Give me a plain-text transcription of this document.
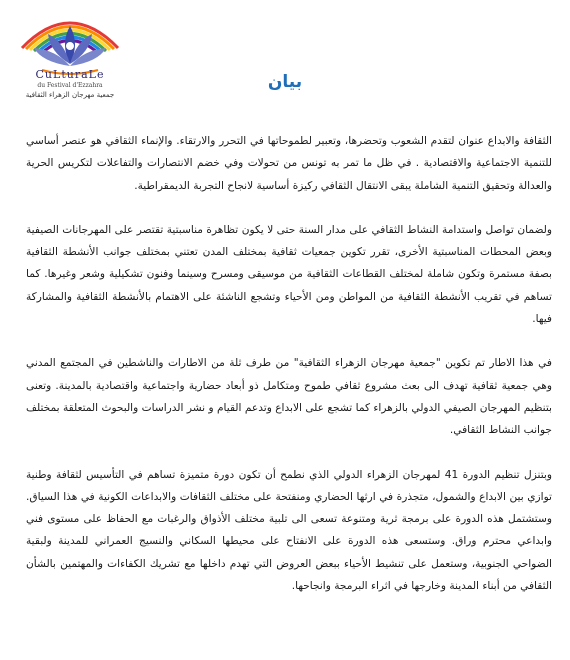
CuLturaLe
du Festival d'Ezzahra
جمعية مهرجان الزهراء الثقافية
بيان

الثقافة والابداع عنوان لتقدم الشعوب وتحضرها، وتعبير لطموحاتها في التحرر والارتقاء. والإنماء الثقافي هو عنصر أساسي للتنمية الاجتماعية والاقتصادية . في ظل ما تمر به تونس من تحولات وفي خضم الانتصارات والتفاعلات لتكريس الحرية والعدالة وتحقيق التنمية الشاملة يبقى الانتقال الثقافي ركيزة أساسية لانجاح التجربة الديمقراطية.

ولضمان تواصل واستدامة النشاط الثقافي على مدار السنة حتى لا يكون تظاهرة مناسبتية تقتصر على المهرجانات الصيفية وبعض المحطات المناسبتية الأخرى، تقرر تكوين جمعيات ثقافية بمختلف المدن تعتني بمختلف جوانب الأنشطة الثقافية بصفة مستمرة وتكون شاملة لمختلف القطاعات الثقافية من موسيقى ومسرح وسينما وفنون تشكيلية وشعر وغيرها. كما تساهم في تقريب الأنشطة الثقافية من المواطن ومن الأحياء وتشجع الناشئة على الاهتمام بالأنشطة الثقافية والمشاركة فيها.

في هذا الاطار تم تكوين "جمعية مهرجان الزهراء الثقافية" من طرف ثلة من الاطارات والناشطين في المجتمع المدني وهي جمعية ثقافية تهدف الى بعث مشروع ثقافي طموح ومتكامل ذو أبعاد حضارية واجتماعية واقتصادية بالمدينة. وتعنى بتنظيم المهرجان الصيفي الدولي بالزهراء كما تشجع على الابداع وتدعم القيام و نشر الدراسات والبحوث المتعلقة بمختلف جوانب النشاط الثقافي.

وبتنزل تنظيم الدورة 41 لمهرجان الزهراء الدولي الذي نطمح أن تكون دورة متميزة تساهم في التأسيس لثقافة وطنية توازي بين الابداع والشمول، متجذرة في ارثها الحضاري ومنفتحة على مختلف الثقافات والابداعات الكونية في هذا السياق. وستشتمل هذه الدورة على برمجة ثرية ومتنوعة تسعى الى تلبية مختلف الأذواق والرغبات مع الحفاظ على مستوى فني وابداعي محترم وراق. وستسعى هذه الدورة على الانفتاح على محيطها السكاني والنسيج العمراني للمدينة ولبقية الضواحي الجنوبية، وستعمل على تنشيط الأحياء ببعض العروض التي تهدم داخلها مع تشريك الكفاءات والمهتمين بالشأن الثقافي من أبناء المدينة وخارجها في اثراء البرمجة وانجاحها.
